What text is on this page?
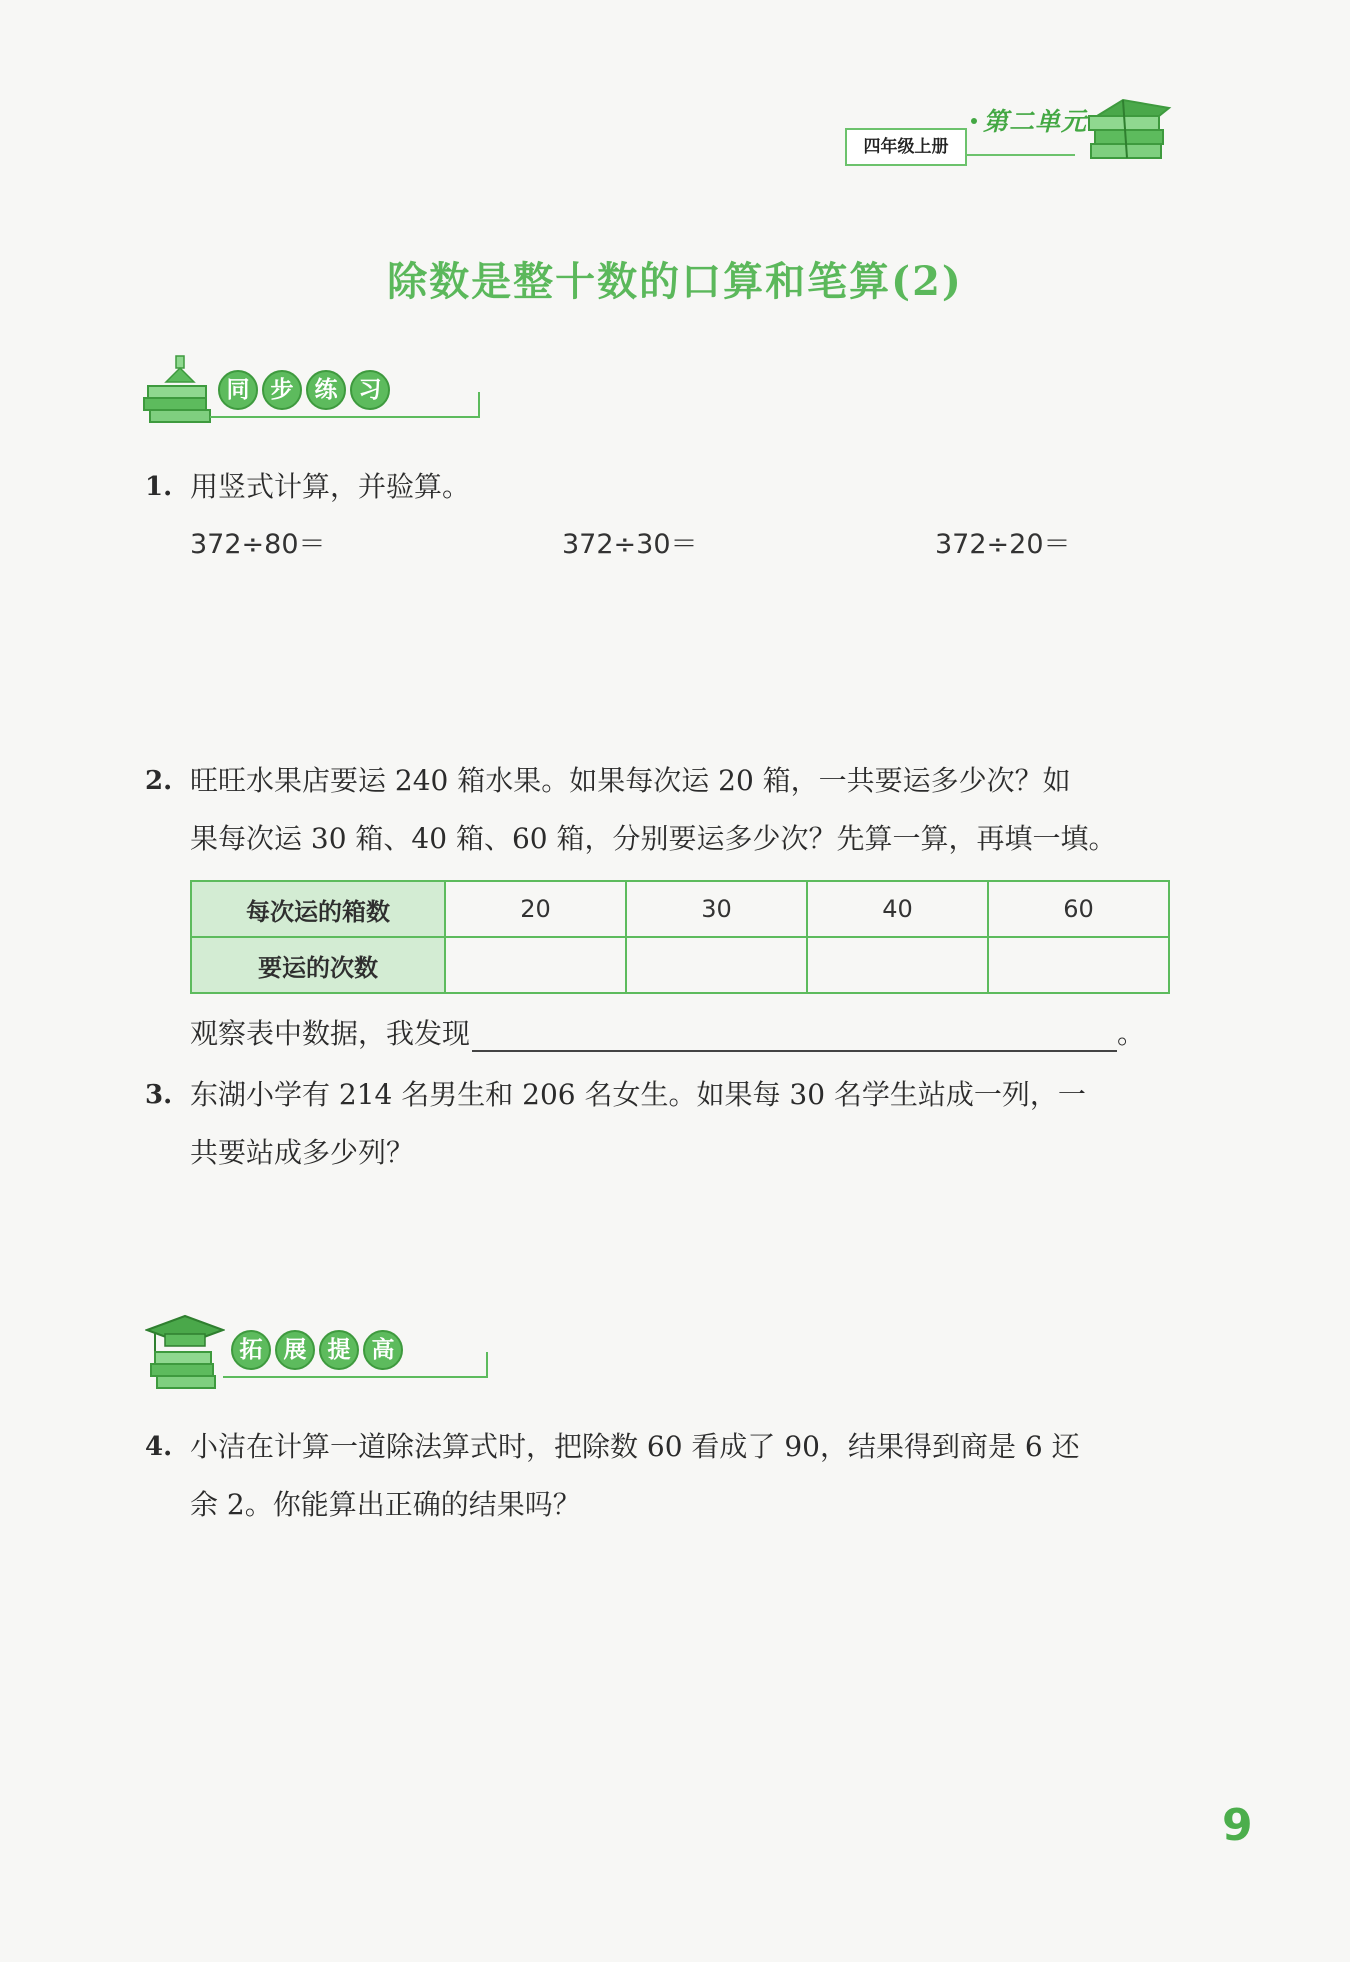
四年级上册
第二单元
除数是整十数的口算和笔算(2)
同 步 练 习
1. 用竖式计算，并验算。
372÷80＝	372÷30＝	372÷20＝
2. 旺旺水果店要运 240 箱水果。如果每次运 20 箱，一共要运多少次？如
果每次运 30 箱、40 箱、60 箱，分别要运多少次？先算一算，再填一填。
每次运的箱数	20	30	40	60
要运的次数				
观察表中数据，我发现	。
3. 东湖小学有 214 名男生和 206 名女生。如果每 30 名学生站成一列，一
共要站成多少列？
拓 展 提 高
4. 小洁在计算一道除法算式时，把除数 60 看成了 90，结果得到商是 6 还
余 2。你能算出正确的结果吗？
9
